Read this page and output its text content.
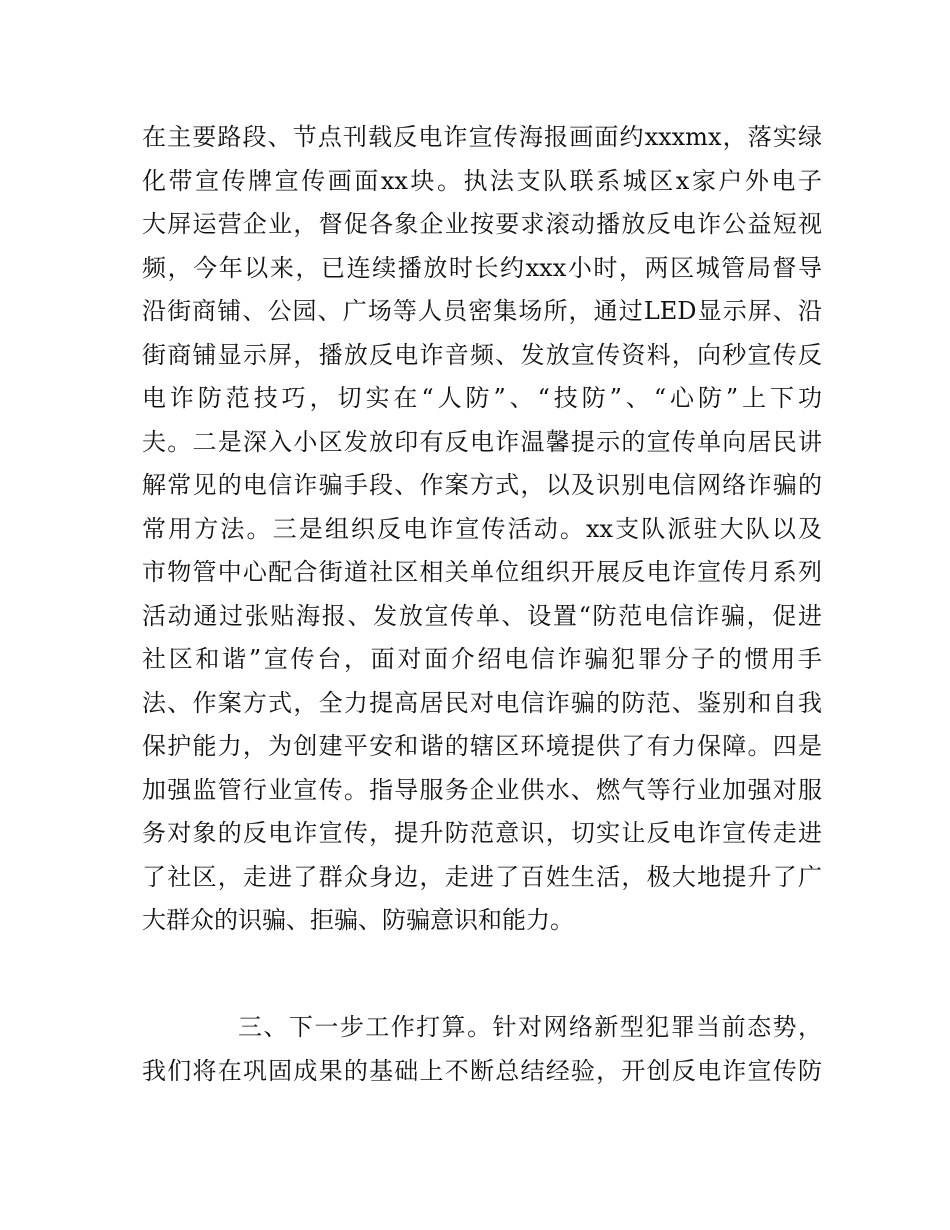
在主要路段、节点刊载反电诈宣传海报画面约xxxmx，落实绿
化带宣传牌宣传画面xx块。执法支队联系城区x家户外电子
大屏运营企业，督促各象企业按要求滚动播放反电诈公益短视
频，今年以来，已连续播放时长约xxx小时，两区城管局督导
沿街商铺、公园、广场等人员密集场所，通过LED显示屏、沿
街商铺显示屏，播放反电诈音频、发放宣传资料，向秒宣传反
电诈防范技巧，切实在“人防”、“技防”、“心防”上下功
夫。二是深入小区发放印有反电诈温馨提示的宣传单向居民讲
解常见的电信诈骗手段、作案方式，以及识别电信网络诈骗的
常用方法。三是组织反电诈宣传活动。xx支队派驻大队以及
市物管中心配合街道社区相关单位组织开展反电诈宣传月系列
活动通过张贴海报、发放宣传单、设置“防范电信诈骗，促进
社区和谐”宣传台，面对面介绍电信诈骗犯罪分子的惯用手
法、作案方式，全力提高居民对电信诈骗的防范、鉴别和自我
保护能力，为创建平安和谐的辖区环境提供了有力保障。四是
加强监管行业宣传。指导服务企业供水、燃气等行业加强对服
务对象的反电诈宣传，提升防范意识，切实让反电诈宣传走进
了社区，走进了群众身边，走进了百姓生活，极大地提升了广
大群众的识骗、拒骗、防骗意识和能力。
三、下一步工作打算。针对网络新型犯罪当前态势，
我们将在巩固成果的基础上不断总结经验，开创反电诈宣传防
